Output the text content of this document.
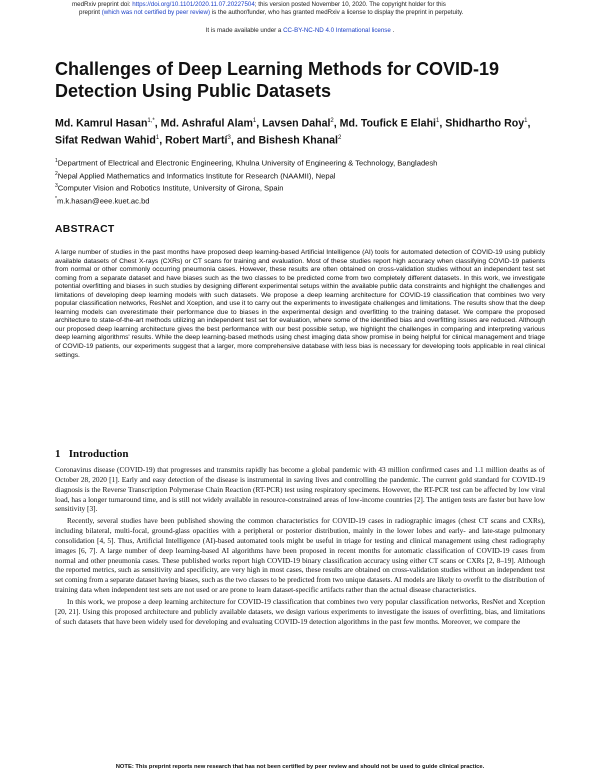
medRxiv preprint doi: https://doi.org/10.1101/2020.11.07.20227504; this version posted November 10, 2020. The copyright holder for this
preprint (which was not certified by peer review) is the author/funder, who has granted medRxiv a license to display the preprint in perpetuity.
It is made available under a CC-BY-NC-ND 4.0 International license .
Challenges of Deep Learning Methods for COVID-19 Detection Using Public Datasets
Md. Kamrul Hasan$^{1,*}$, Md. Ashraful Alam$^1$, Lavsen Dahal$^2$, Md. Toufick E Elahi$^1$, Shidhartho Roy$^1$, Sifat Redwan Wahid$^1$, Robert Martí$^3$, and Bishesh Khanal$^2$
$^1$Department of Electrical and Electronic Engineering, Khulna University of Engineering & Technology, Bangladesh
$^2$Nepal Applied Mathematics and Informatics Institute for Research (NAAMII), Nepal
$^3$Computer Vision and Robotics Institute, University of Girona, Spain
*m.k.hasan@eee.kuet.ac.bd
ABSTRACT
A large number of studies in the past months have proposed deep learning-based Artificial Intelligence (AI) tools for automated detection of COVID-19 using publicly available datasets of Chest X-rays (CXRs) or CT scans for training and evaluation. Most of these studies report high accuracy when classifying COVID-19 patients from normal or other commonly occurring pneumonia cases. However, these results are often obtained on cross-validation studies without an independent test set coming from a separate dataset and have biases such as the two classes to be predicted come from two completely different datasets. In this work, we investigate potential overfitting and biases in such studies by designing different experimental setups within the available public data constraints and highlight the challenges and limitations of developing deep learning models with such datasets. We propose a deep learning architecture for COVID-19 classification that combines two very popular classification networks, ResNet and Xception, and use it to carry out the experiments to investigate challenges and limitations. The results show that the deep learning models can overestimate their performance due to biases in the experimental design and overfitting to the training dataset. We compare the proposed architecture to state-of-the-art methods utilizing an independent test set for evaluation, where some of the identified bias and overfitting issues are reduced. Although our proposed deep learning architecture gives the best performance with our best possible setup, we highlight the challenges in comparing and interpreting various deep learning algorithms' results. While the deep learning-based methods using chest imaging data show promise in being helpful for clinical management and triage of COVID-19 patients, our experiments suggest that a larger, more comprehensive database with less bias is necessary for developing tools applicable in real clinical settings.
1 Introduction

Coronavirus disease (COVID-19) that progresses and transmits rapidly has become a global pandemic with 43 million confirmed cases and 1.1 million deaths as of October 28, 2020 [1]. Early and easy detection of the disease is instrumental in saving lives and controlling the pandemic. The current gold standard for COVID-19 diagnosis is the Reverse Transcription Polymerase Chain Reaction (RT-PCR) test using respiratory specimens. However, the RT-PCR test can be affected by low viral load, has a longer turnaround time, and is still not widely available in resource-constrained areas of low-income countries [2]. The antigen tests are faster but have low sensitivity [3].

Recently, several studies have been published showing the common characteristics for COVID-19 cases in radiographic images (chest CT scans and CXRs), including bilateral, multi-focal, ground-glass opacities with a peripheral or posterior distribution, mainly in the lower lobes and early- and late-stage pulmonary consolidation [4, 5]. Thus, Artificial Intelligence (AI)-based automated tools might be useful in triage for testing and clinical management using chest radiography images [6, 7]. A large number of deep learning-based AI algorithms have been proposed in recent months for automatic classification of COVID-19 cases from normal and other pneumonia cases. These published works report high COVID-19 binary classification accuracy using either CT scans or CXRs [2, 8–19]. Although the reported metrics, such as sensitivity and specificity, are very high in most cases, these results are obtained on cross-validation studies without an independent test set coming from a separate dataset having biases, such as the two classes to be predicted from two unique datasets. AI models are likely to overfit to the distribution of training data when independent test sets are not used or are prone to learn dataset-specific artifacts rather than the actual disease characteristics.

In this work, we propose a deep learning architecture for COVID-19 classification that combines two very popular classification networks, ResNet and Xception [20, 21]. Using this proposed architecture and publicly available datasets, we design various experiments to investigate the issues of overfitting, bias, and limitations of such datasets that have been widely used for developing and evaluating COVID-19 detection algorithms in the past few months. Moreover, we compare the

NOTE: This preprint reports new research that has not been certified by peer review and should not be used to guide clinical practice.
